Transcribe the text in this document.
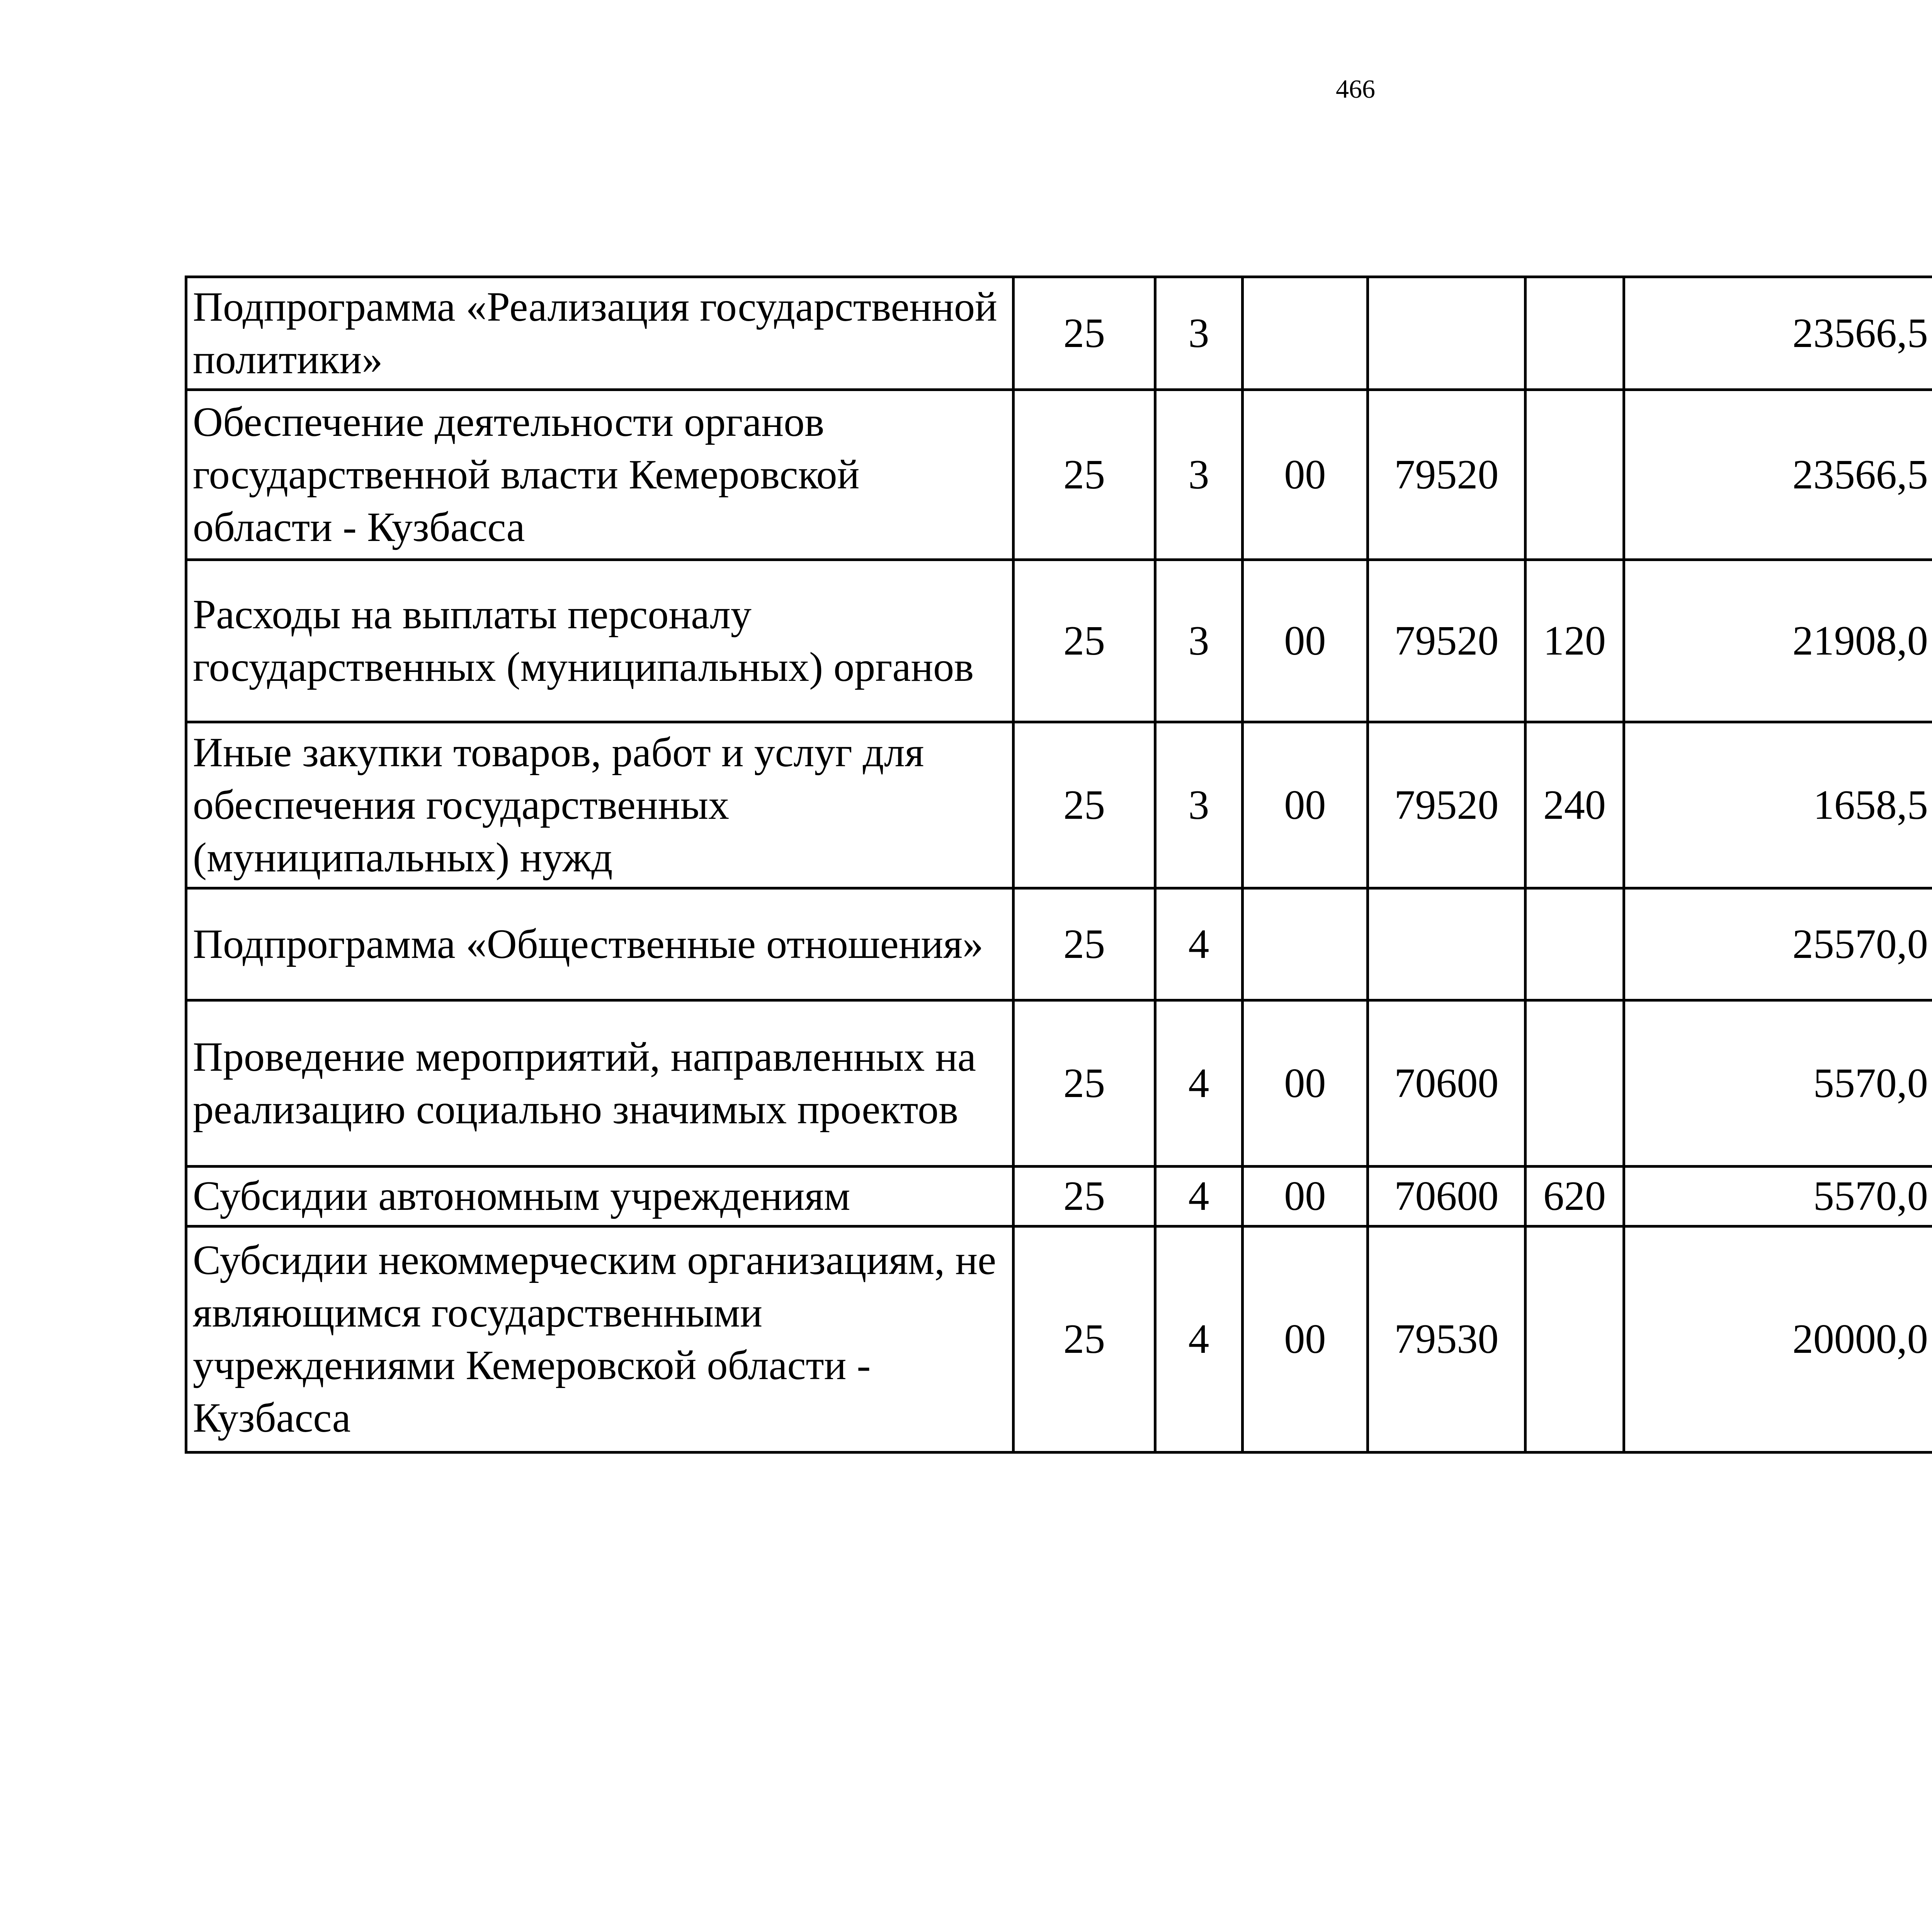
466
Подпрограмма «Реализация государственной политики»	25	3				23566,5		
Обеспечение деятельности органов государственной власти Кемеровской области - Кузбасса	25	3	00	79520		23566,5		
Расходы на выплаты персоналу государственных (муниципальных) органов	25	3	00	79520	120	21908,0		
Иные закупки товаров, работ и услуг для обеспечения государственных (муниципальных) нужд	25	3	00	79520	240	1658,5		
Подпрограмма «Общественные отношения»	25	4				25570,0		
Проведение мероприятий, направленных на реализацию социально значимых проектов	25	4	00	70600		5570,0		
Субсидии автономным учреждениям	25	4	00	70600	620	5570,0		
Субсидии некоммерческим организациям, не являющимся государственными учреждениями Кемеровской области - Кузбасса	25	4	00	79530		20000,0		
